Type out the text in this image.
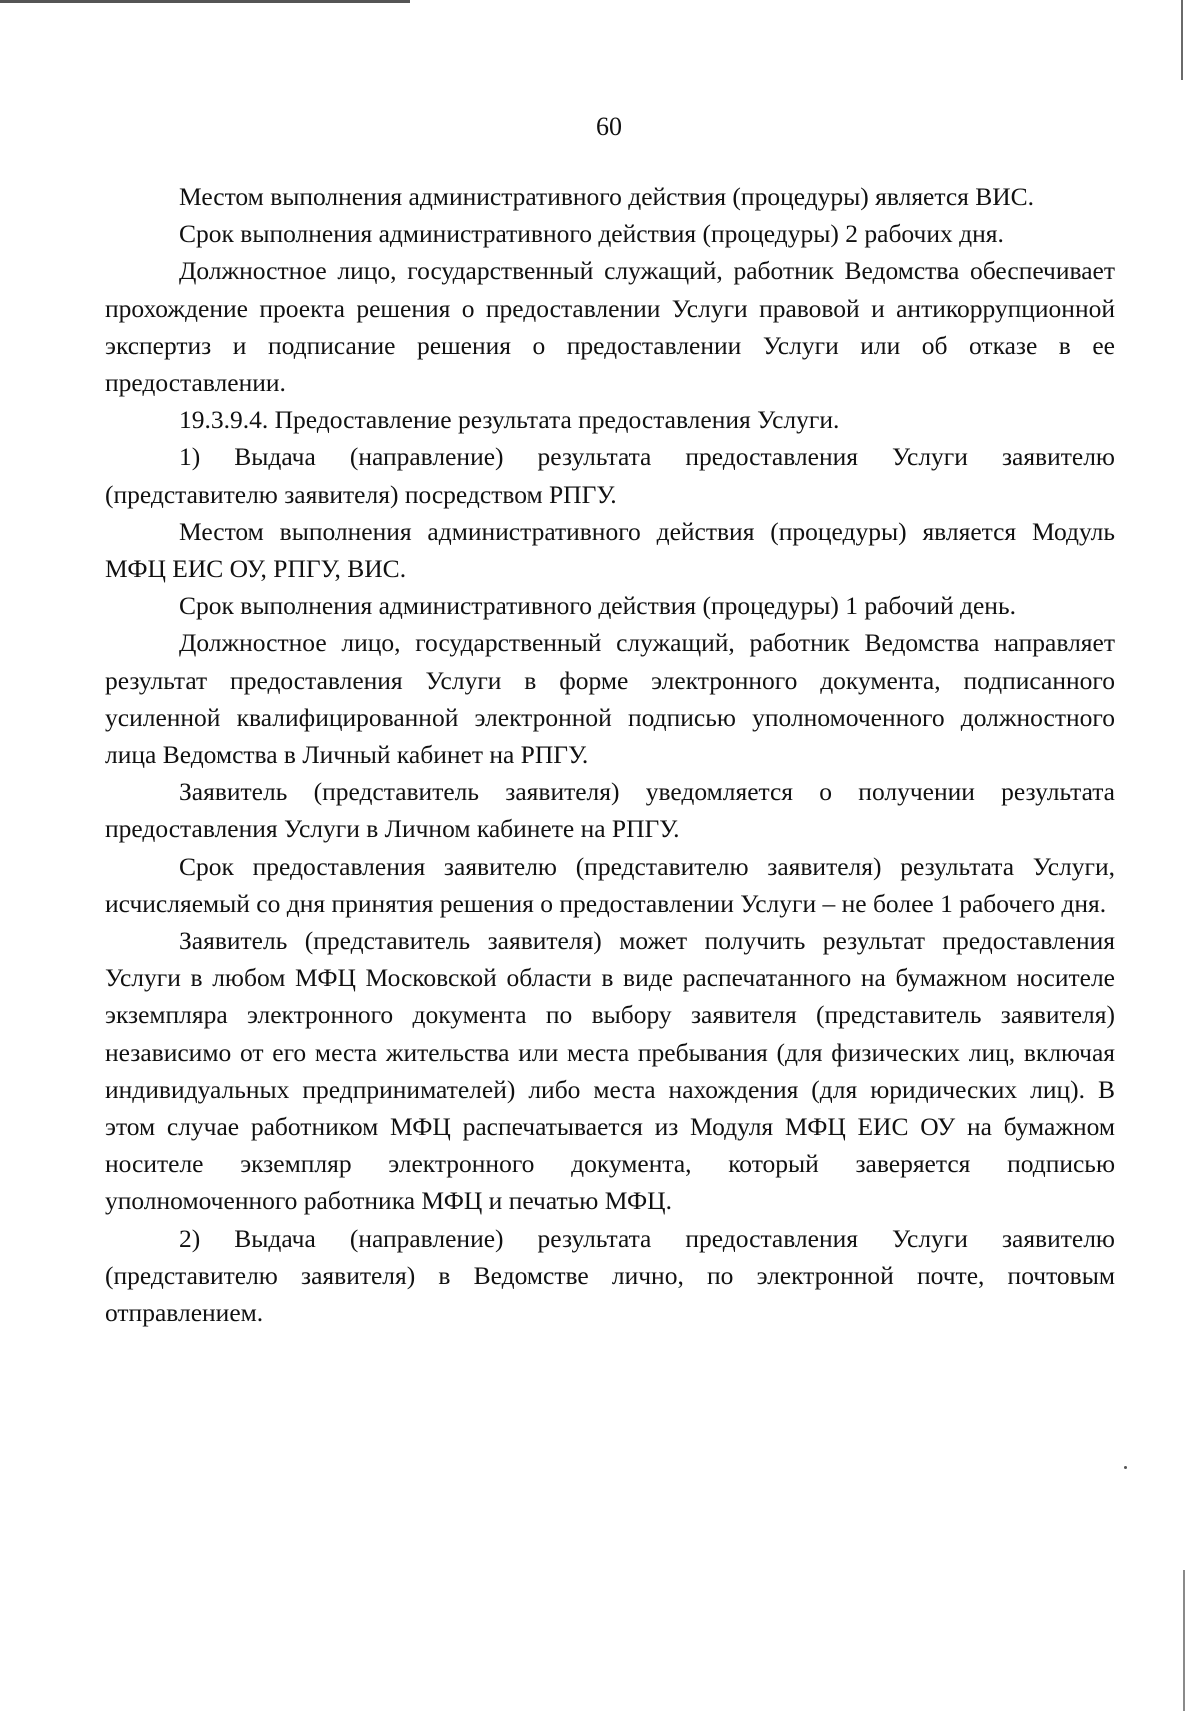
60

Местом выполнения административного действия (процедуры) является ВИС.

Срок выполнения административного действия (процедуры) 2 рабочих дня.

Должностное лицо, государственный служащий, работник Ведомства обеспечивает прохождение проекта решения о предоставлении Услуги правовой и антикоррупционной экспертиз и подписание решения о предоставлении Услуги или об отказе в ее предоставлении.

19.3.9.4. Предоставление результата предоставления Услуги.

1) Выдача (направление) результата предоставления Услуги заявителю (представителю заявителя) посредством РПГУ.

Местом выполнения административного действия (процедуры) является Модуль МФЦ ЕИС ОУ, РПГУ, ВИС.

Срок выполнения административного действия (процедуры) 1 рабочий день.

Должностное лицо, государственный служащий, работник Ведомства направляет результат предоставления Услуги в форме электронного документа, подписанного усиленной квалифицированной электронной подписью уполномоченного должностного лица Ведомства в Личный кабинет на РПГУ.

Заявитель (представитель заявителя) уведомляется о получении результата предоставления Услуги в Личном кабинете на РПГУ.

Срок предоставления заявителю (представителю заявителя) результата Услуги, исчисляемый со дня принятия решения о предоставлении Услуги – не более 1 рабочего дня.

Заявитель (представитель заявителя) может получить результат предоставления Услуги в любом МФЦ Московской области в виде распечатанного на бумажном носителе экземпляра электронного документа по выбору заявителя (представитель заявителя) независимо от его места жительства или места пребывания (для физических лиц, включая индивидуальных предпринимателей) либо места нахождения (для юридических лиц). В этом случае работником МФЦ распечатывается из Модуля МФЦ ЕИС ОУ на бумажном носителе экземпляр электронного документа, который заверяется подписью уполномоченного работника МФЦ и печатью МФЦ.

2) Выдача (направление) результата предоставления Услуги заявителю (представителю заявителя) в Ведомстве лично, по электронной почте, почтовым отправлением.
